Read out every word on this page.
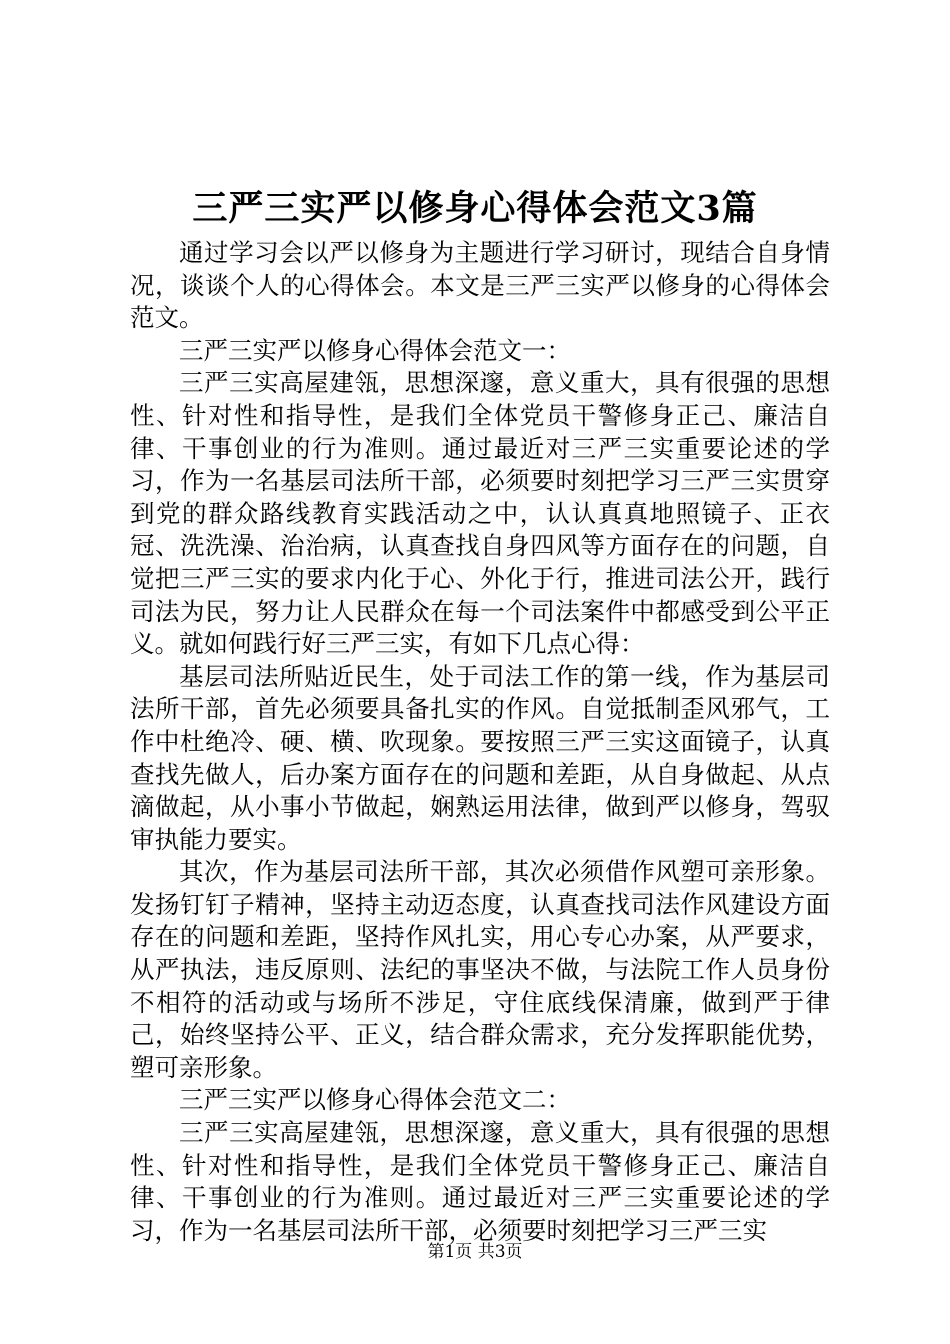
三严三实严以修身心得体会范文3篇

通过学习会以严以修身为主题进行学习研讨，现结合自身情况，谈谈个人的心得体会。本文是三严三实严以修身的心得体会范文。

三严三实严以修身心得体会范文一：

三严三实高屋建瓴，思想深邃，意义重大，具有很强的思想性、针对性和指导性，是我们全体党员干警修身正己、廉洁自律、干事创业的行为准则。通过最近对三严三实重要论述的学习，作为一名基层司法所干部，必须要时刻把学习三严三实贯穿到党的群众路线教育实践活动之中，认认真真地照镜子、正衣冠、洗洗澡、治治病，认真查找自身四风等方面存在的问题，自觉把三严三实的要求内化于心、外化于行，推进司法公开，践行司法为民，努力让人民群众在每一个司法案件中都感受到公平正义。就如何践行好三严三实，有如下几点心得：

基层司法所贴近民生，处于司法工作的第一线，作为基层司法所干部，首先必须要具备扎实的作风。自觉抵制歪风邪气，工作中杜绝冷、硬、横、吹现象。要按照三严三实这面镜子，认真查找先做人，后办案方面存在的问题和差距，从自身做起、从点滴做起，从小事小节做起，娴熟运用法律，做到严以修身，驾驭审执能力要实。

其次，作为基层司法所干部，其次必须借作风塑可亲形象。发扬钉钉子精神，坚持主动迈态度，认真查找司法作风建设方面存在的问题和差距，坚持作风扎实，用心专心办案，从严要求，从严执法，违反原则、法纪的事坚决不做，与法院工作人员身份不相符的活动或与场所不涉足，守住底线保清廉，做到严于律己，始终坚持公平、正义，结合群众需求，充分发挥职能优势，塑可亲形象。

三严三实严以修身心得体会范文二：

三严三实高屋建瓴，思想深邃，意义重大，具有很强的思想性、针对性和指导性，是我们全体党员干警修身正己、廉洁自律、干事创业的行为准则。通过最近对三严三实重要论述的学习，作为一名基层司法所干部，必须要时刻把学习三严三实

第1页 共3页
